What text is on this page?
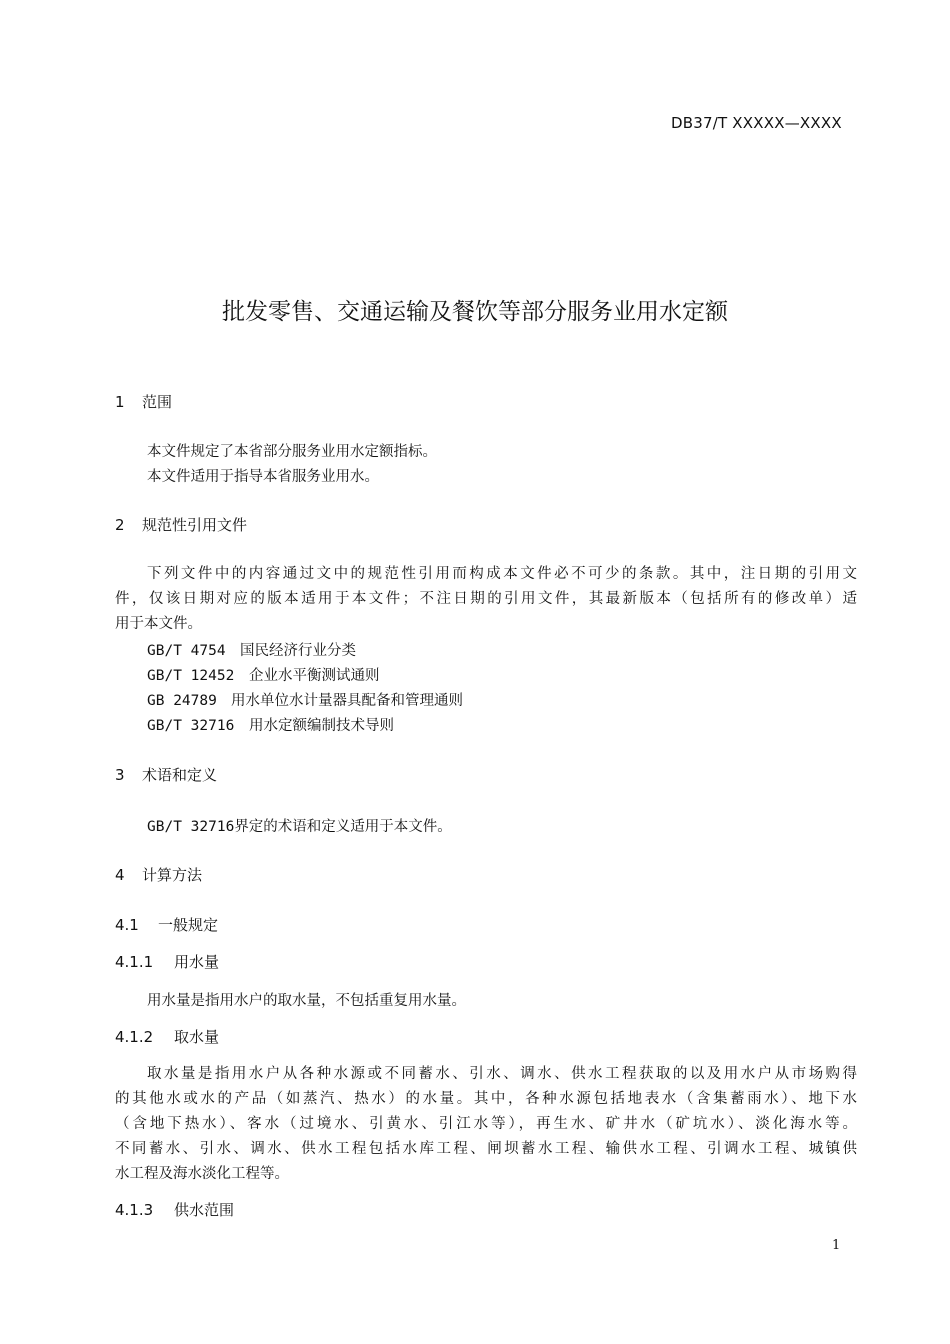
DB37/T XXXXX—XXXX
批发零售、交通运输及餐饮等部分服务业用水定额
1 范围
本文件规定了本省部分服务业用水定额指标。
本文件适用于指导本省服务业用水。
2 规范性引用文件
下列文件中的内容通过文中的规范性引用而构成本文件必不可少的条款。其中，注日期的引用文
件，仅该日期对应的版本适用于本文件；不注日期的引用文件，其最新版本（包括所有的修改单）适
用于本文件。
GB/T 4754 国民经济行业分类
GB/T 12452 企业水平衡测试通则
GB 24789 用水单位水计量器具配备和管理通则
GB/T 32716 用水定额编制技术导则
3 术语和定义
GB/T 32716界定的术语和定义适用于本文件。
4 计算方法
4.1 一般规定
4.1.1 用水量
用水量是指用水户的取水量，不包括重复用水量。
4.1.2 取水量
取水量是指用水户从各种水源或不同蓄水、引水、调水、供水工程获取的以及用水户从市场购得
的其他水或水的产品（如蒸汽、热水）的水量。其中，各种水源包括地表水（含集蓄雨水）、地下水
（含地下热水）、客水（过境水、引黄水、引江水等），再生水、矿井水（矿坑水）、淡化海水等。
不同蓄水、引水、调水、供水工程包括水库工程、闸坝蓄水工程、输供水工程、引调水工程、城镇供
水工程及海水淡化工程等。
4.1.3 供水范围
1
